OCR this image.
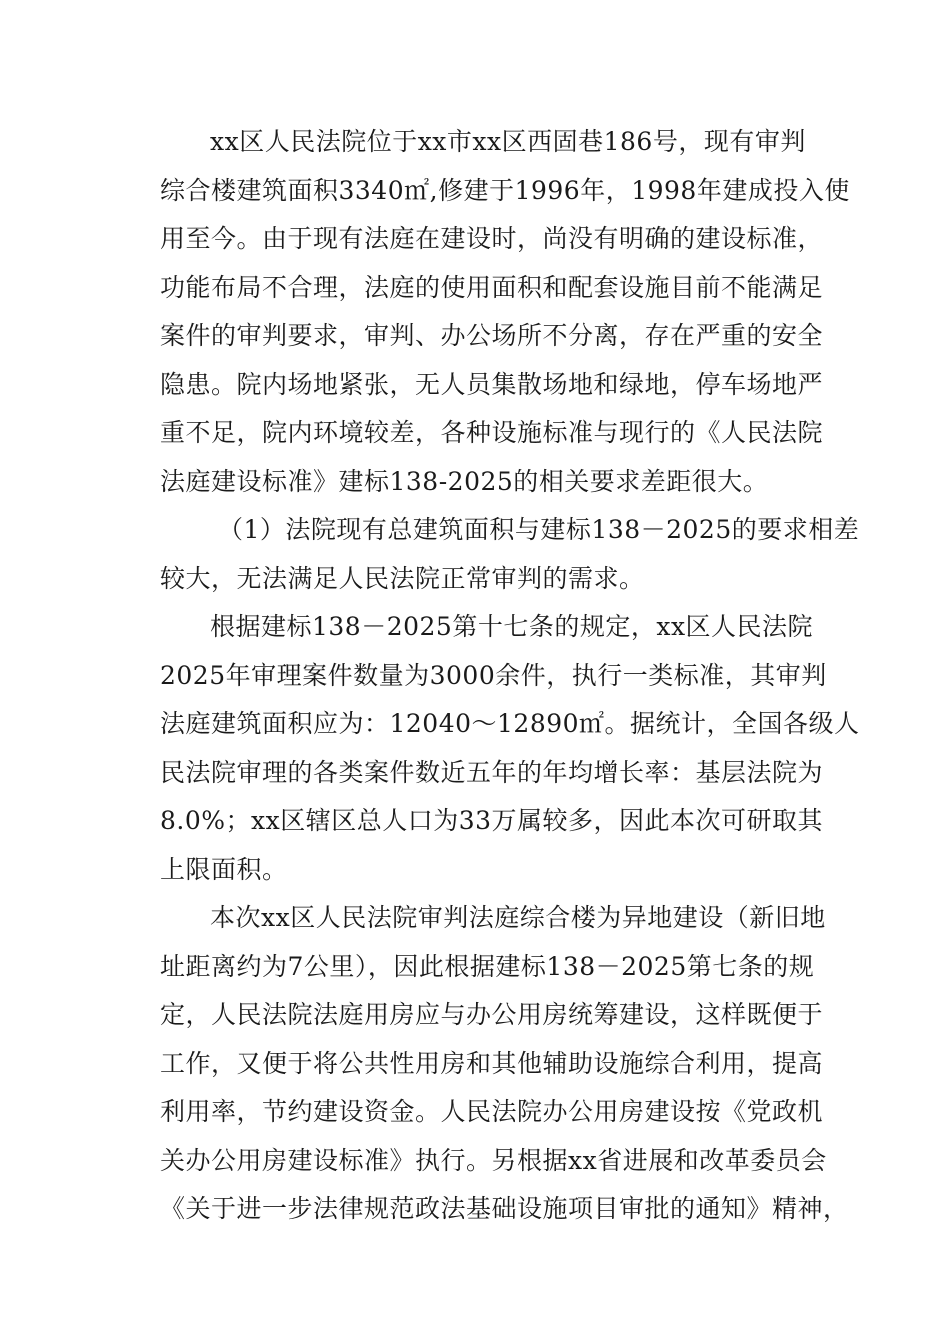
xx区人民法院位于xx市xx区西固巷186号，现有审判
综合楼建筑面积3340㎡,修建于1996年，1998年建成投入使
用至今。由于现有法庭在建设时，尚没有明确的建设标准，
功能布局不合理，法庭的使用面积和配套设施目前不能满足
案件的审判要求，审判、办公场所不分离，存在严重的安全
隐患。院内场地紧张，无人员集散场地和绿地，停车场地严
重不足，院内环境较差，各种设施标准与现行的《人民法院
法庭建设标准》建标138-2025的相关要求差距很大。
（1）法院现有总建筑面积与建标138－2025的要求相差
较大，无法满足人民法院正常审判的需求。
根据建标138－2025第十七条的规定，xx区人民法院
2025年审理案件数量为3000余件，执行一类标准，其审判
法庭建筑面积应为：12040～12890㎡。据统计，全国各级人
民法院审理的各类案件数近五年的年均增长率：基层法院为
8.0%；xx区辖区总人口为33万属较多，因此本次可研取其
上限面积。
本次xx区人民法院审判法庭综合楼为异地建设（新旧地
址距离约为7公里），因此根据建标138－2025第七条的规
定，人民法院法庭用房应与办公用房统筹建设，这样既便于
工作，又便于将公共性用房和其他辅助设施综合利用，提高
利用率，节约建设资金。人民法院办公用房建设按《党政机
关办公用房建设标准》执行。另根据xx省进展和改革委员会
《关于进一步法律规范政法基础设施项目审批的通知》精神，
